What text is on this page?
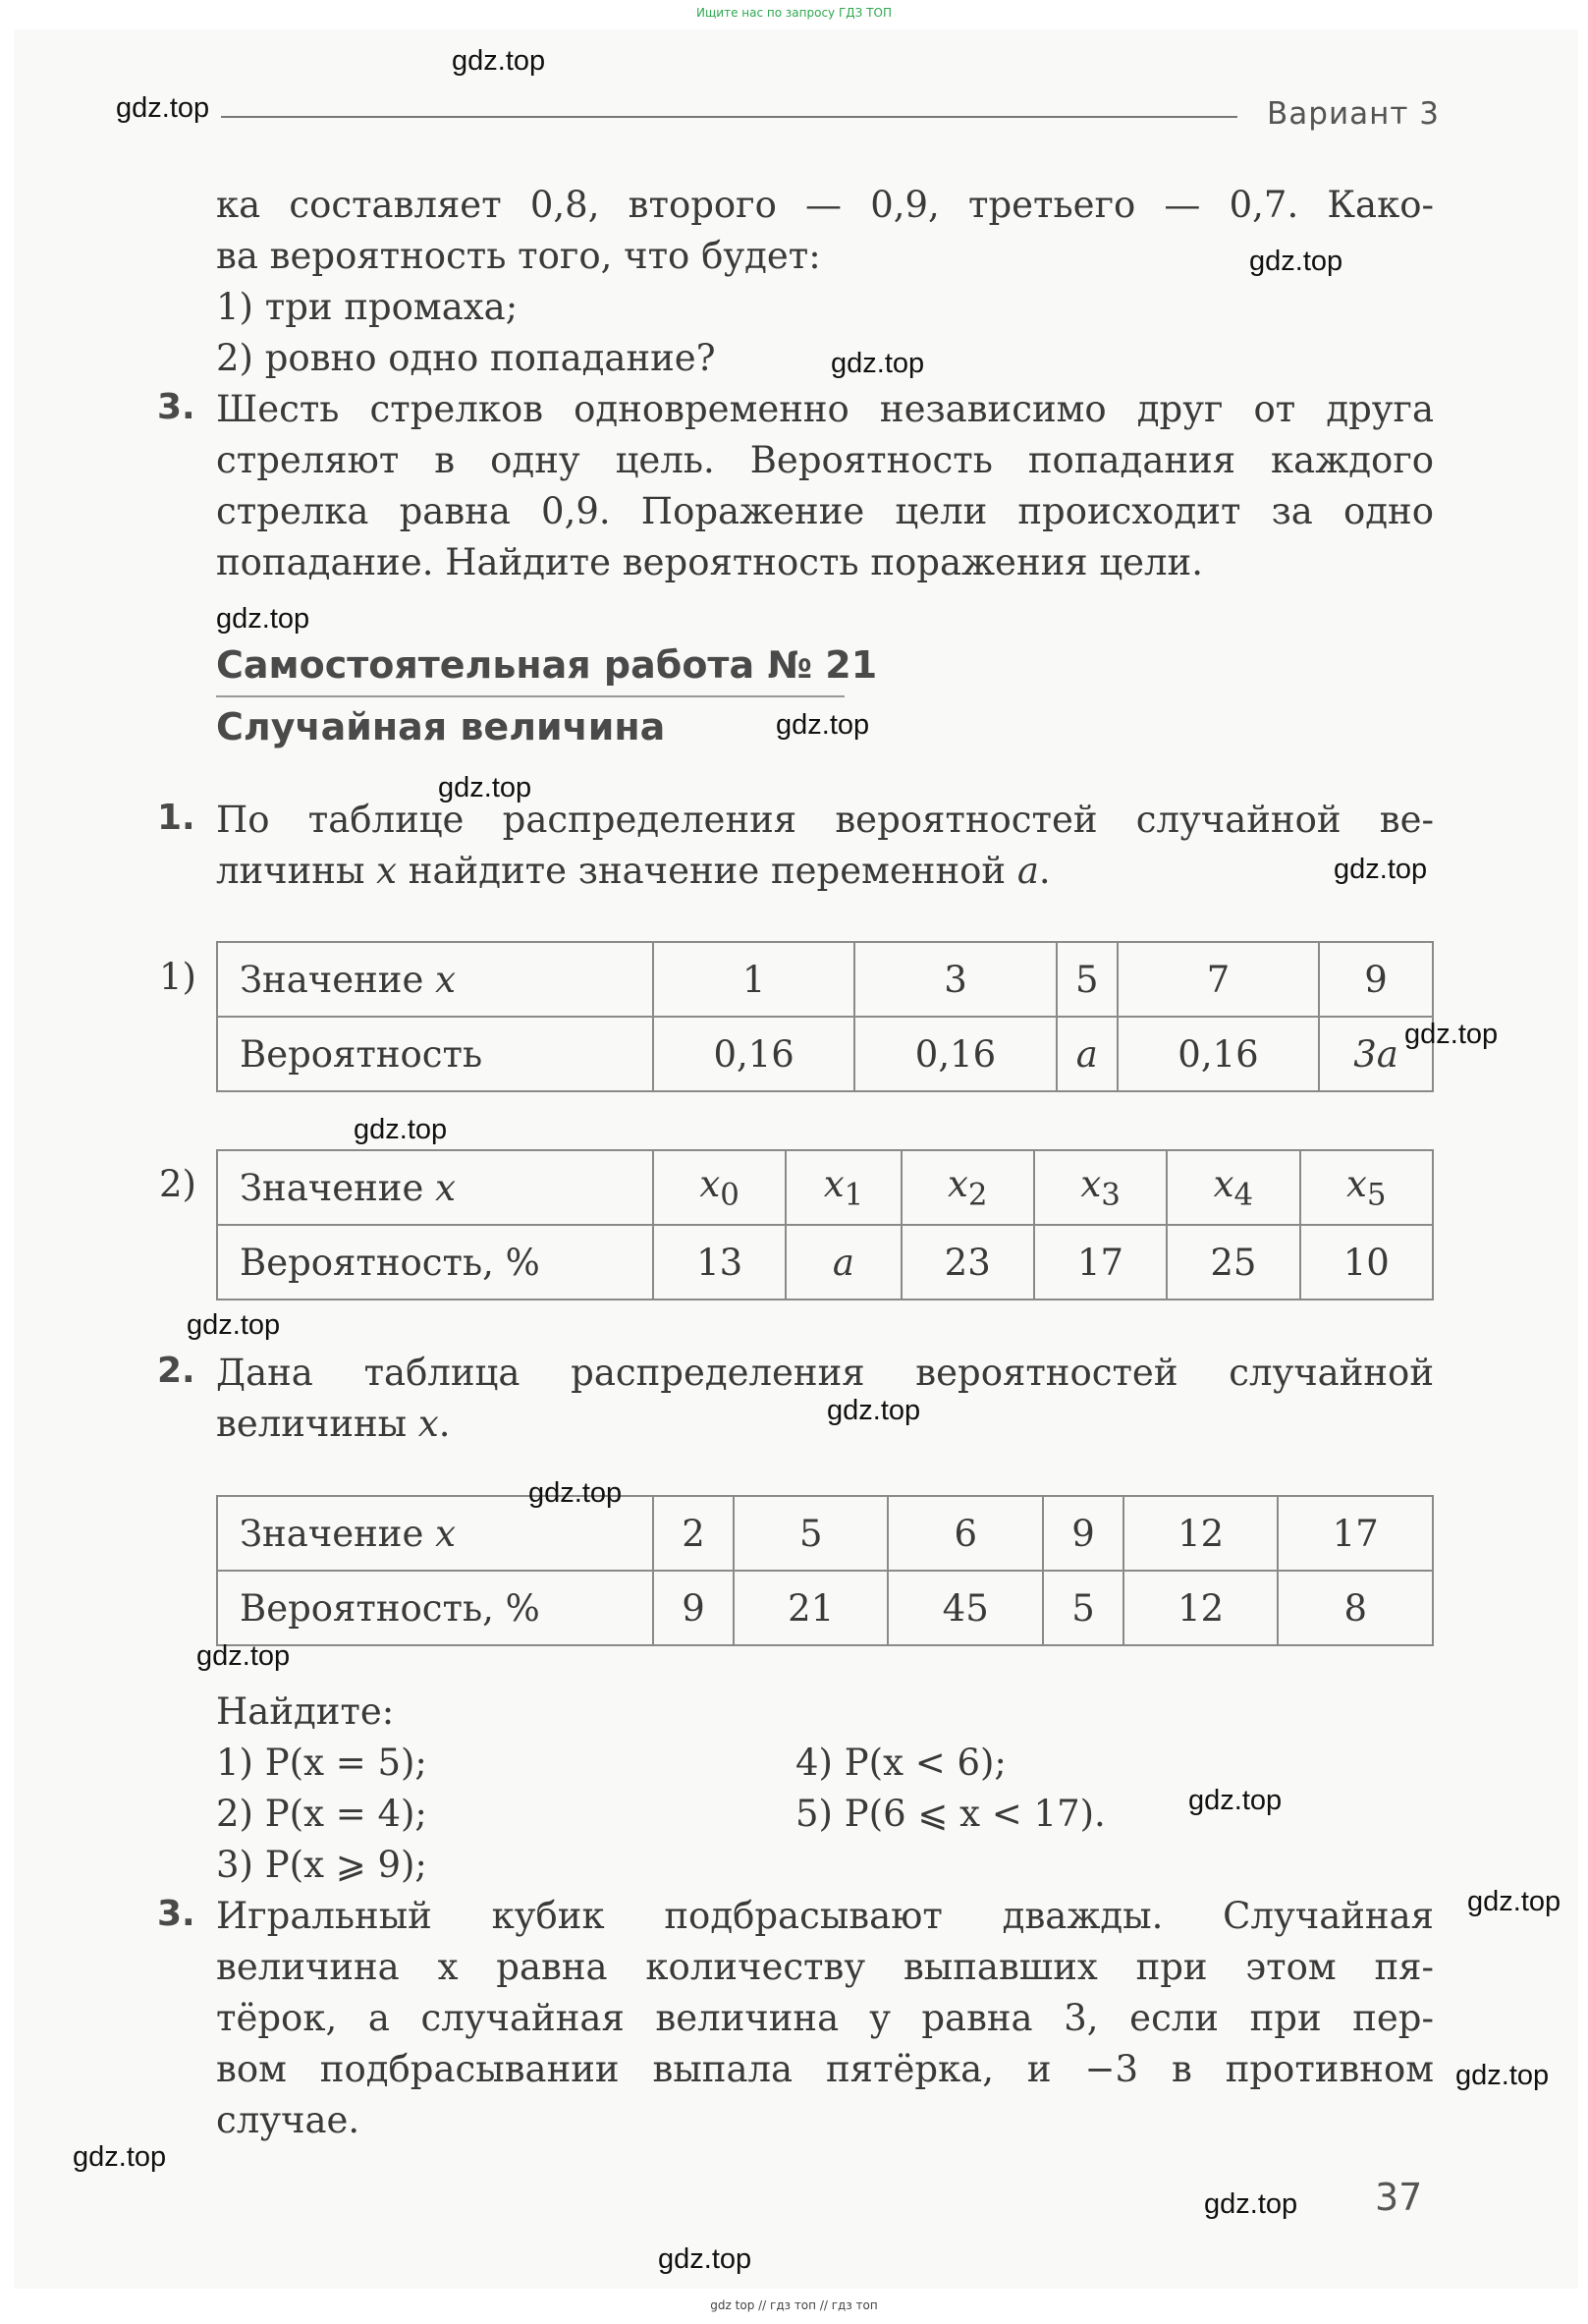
Ищите нас по запросу ГДЗ ТОП
Вариант 3
ка составляет 0,8, второго — 0,9, третьего — 0,7. Како-
ва вероятность того, что будет:
1) три промаха;
2) ровно одно попадание?
3. Шесть стрелков одновременно независимо друг от друга
стреляют в одну цель. Вероятность попадания каждого
стрелка равна 0,9. Поражение цели происходит за одно
попадание. Найдите вероятность поражения цели.
Самостоятельная работа № 21
Случайная величина
1. По таблице распределения вероятностей случайной ве-
личины x найдите значение переменной a.
1) Значение x	1	3	5	7	9
Вероятность	0,16	0,16	a	0,16	3a
2) Значение x	$x_0$	$x_1$	$x_2$	$x_3$	$x_4$	$x_5$
Вероятность, %	13	a	23	17	25	10
2. Дана таблица распределения вероятностей случайной
величины x.
Значение x	2	5	6	9	12	17
Вероятность, %	9	21	45	5	12	8
Найдите:
1) P(x = 5);
2) P(x = 4);
3) P(x ⩾ 9);
4) P(x < 6);
5) P(6 ⩽ x < 17).
3. Игральный кубик подбрасывают дважды. Случайная
величина x равна количеству выпавших при этом пя-
тёрок, а случайная величина y равна 3, если при пер-
вом подбрасывании выпала пятёрка, и −3 в противном
случае.
37
gdz.top
gdz.top
gdz.top
gdz.top
gdz.top
gdz.top
gdz.top
gdz.top
gdz.top
gdz.top
gdz.top
gdz.top
gdz.top
gdz.top
gdz.top
gdz.top
gdz.top
gdz.top
gdz.top
gdz.top
gdz top // гдз топ // гдз топ
